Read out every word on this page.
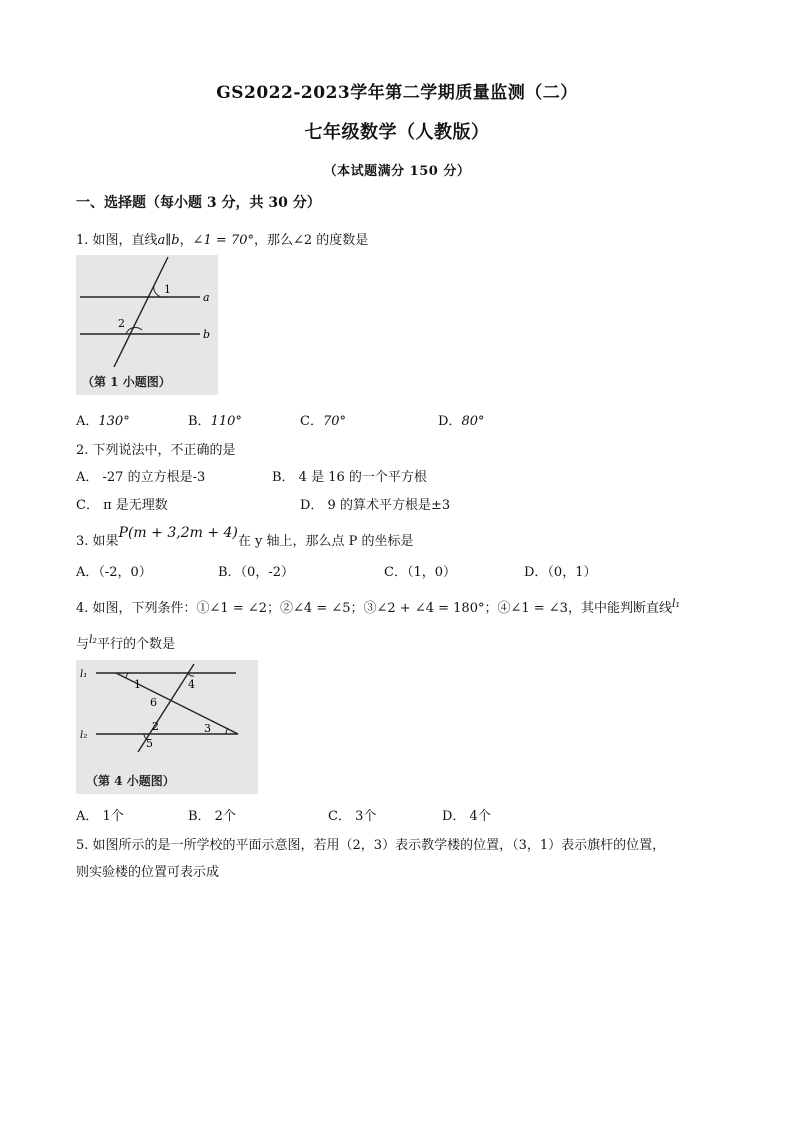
GS2022-2023学年第二学期质量监测（二）
七年级数学（人教版）
（本试题满分 150 分）
一、选择题（每小题 3 分，共 30 分）
1. 如图，直线a∥b，∠1 = 70°，那么∠2 的度数是
1
2
a
b
（第 1 小题图）
A．130°	B．110°	C．70°	D．80°
2. 下列说法中，不正确的是
A． -27 的立方根是-3	B． 4 是 16 的一个平方根
C． π 是无理数	D． 9 的算术平方根是±3
3. 如果P(m + 3,2m + 4)在 y 轴上，那么点 P 的坐标是
A．（-2，0）	B．（0，-2）	C．（1，0）	D．（0，1）
4. 如图，下列条件：①∠1 = ∠2；②∠4 = ∠5；③∠2 + ∠4 = 180°；④∠1 = ∠3，其中能判断直线$^{l_1}$
与$^{l_2}$平行的个数是
l₁
l₂
1
2	3
4
5
6
（第 4 小题图）
A． 1个	B． 2个	C． 3个	D． 4个
5. 如图所示的是一所学校的平面示意图，若用（2，3）表示教学楼的位置，（3，1）表示旗杆的位置，
则实验楼的位置可表示成
